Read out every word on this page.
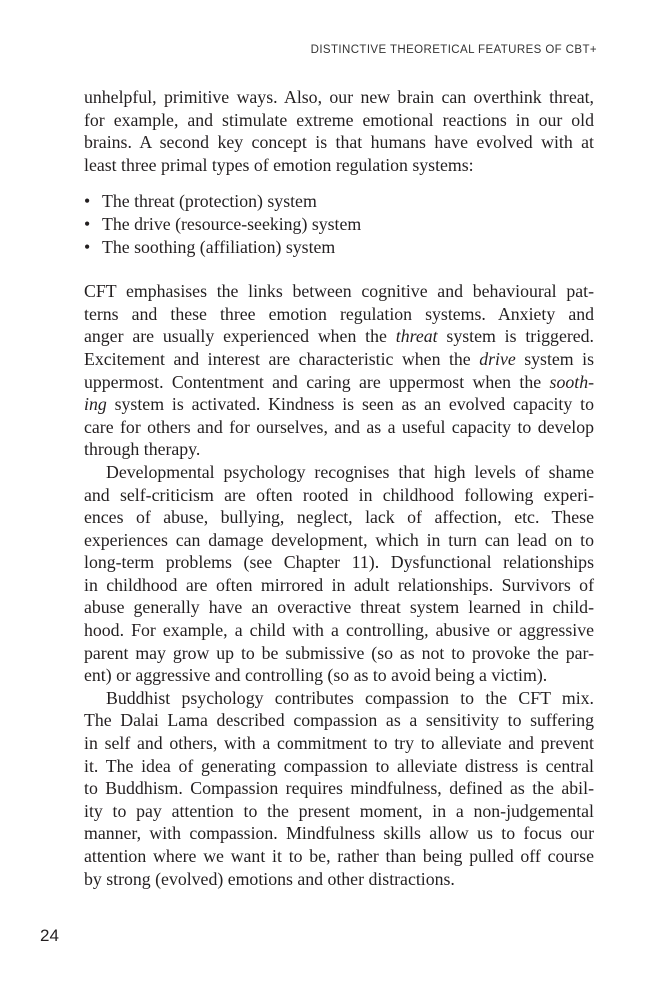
DISTINCTIVE THEORETICAL FEATURES OF CBT+

unhelpful, primitive ways. Also, our new brain can overthink threat,
for example, and stimulate extreme emotional reactions in our old
brains. A second key concept is that humans have evolved with at
least three primal types of emotion regulation systems:

• The threat (protection) system
• The drive (resource-seeking) system
• The soothing (affiliation) system

CFT emphasises the links between cognitive and behavioural pat-
terns and these three emotion regulation systems. Anxiety and
anger are usually experienced when the threat system is triggered.
Excitement and interest are characteristic when the drive system is
uppermost. Contentment and caring are uppermost when the sooth-
ing system is activated. Kindness is seen as an evolved capacity to
care for others and for ourselves, and as a useful capacity to develop
through therapy.

Developmental psychology recognises that high levels of shame
and self-criticism are often rooted in childhood following experi-
ences of abuse, bullying, neglect, lack of affection, etc. These
experiences can damage development, which in turn can lead on to
long-term problems (see Chapter 11). Dysfunctional relationships
in childhood are often mirrored in adult relationships. Survivors of
abuse generally have an overactive threat system learned in child-
hood. For example, a child with a controlling, abusive or aggressive
parent may grow up to be submissive (so as not to provoke the par-
ent) or aggressive and controlling (so as to avoid being a victim).

Buddhist psychology contributes compassion to the CFT mix.
The Dalai Lama described compassion as a sensitivity to suffering
in self and others, with a commitment to try to alleviate and prevent
it. The idea of generating compassion to alleviate distress is central
to Buddhism. Compassion requires mindfulness, defined as the abil-
ity to pay attention to the present moment, in a non-judgemental
manner, with compassion. Mindfulness skills allow us to focus our
attention where we want it to be, rather than being pulled off course
by strong (evolved) emotions and other distractions.

24
